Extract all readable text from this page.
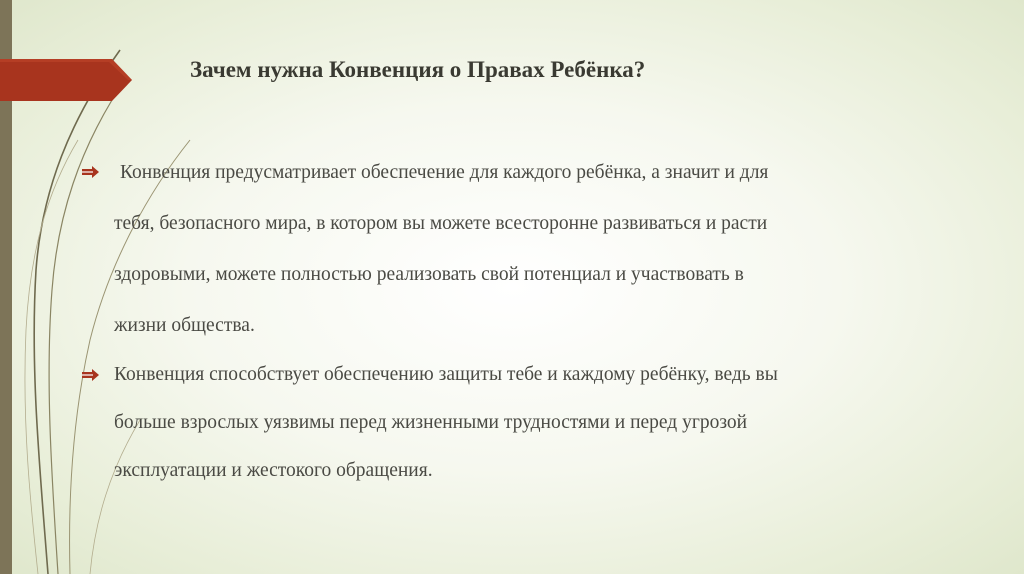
Зачем нужна Конвенция о Правах Ребёнка?
Конвенция предусматривает обеспечение для каждого ребёнка, а значит и для
тебя, безопасного мира, в котором вы можете всесторонне развиваться и расти
здоровыми, можете полностью реализовать свой потенциал и участвовать в
жизни общества.
Конвенция способствует обеспечению защиты тебе и каждому ребёнку, ведь вы
больше взрослых уязвимы перед жизненными трудностями и перед угрозой
эксплуатации и жестокого обращения.
